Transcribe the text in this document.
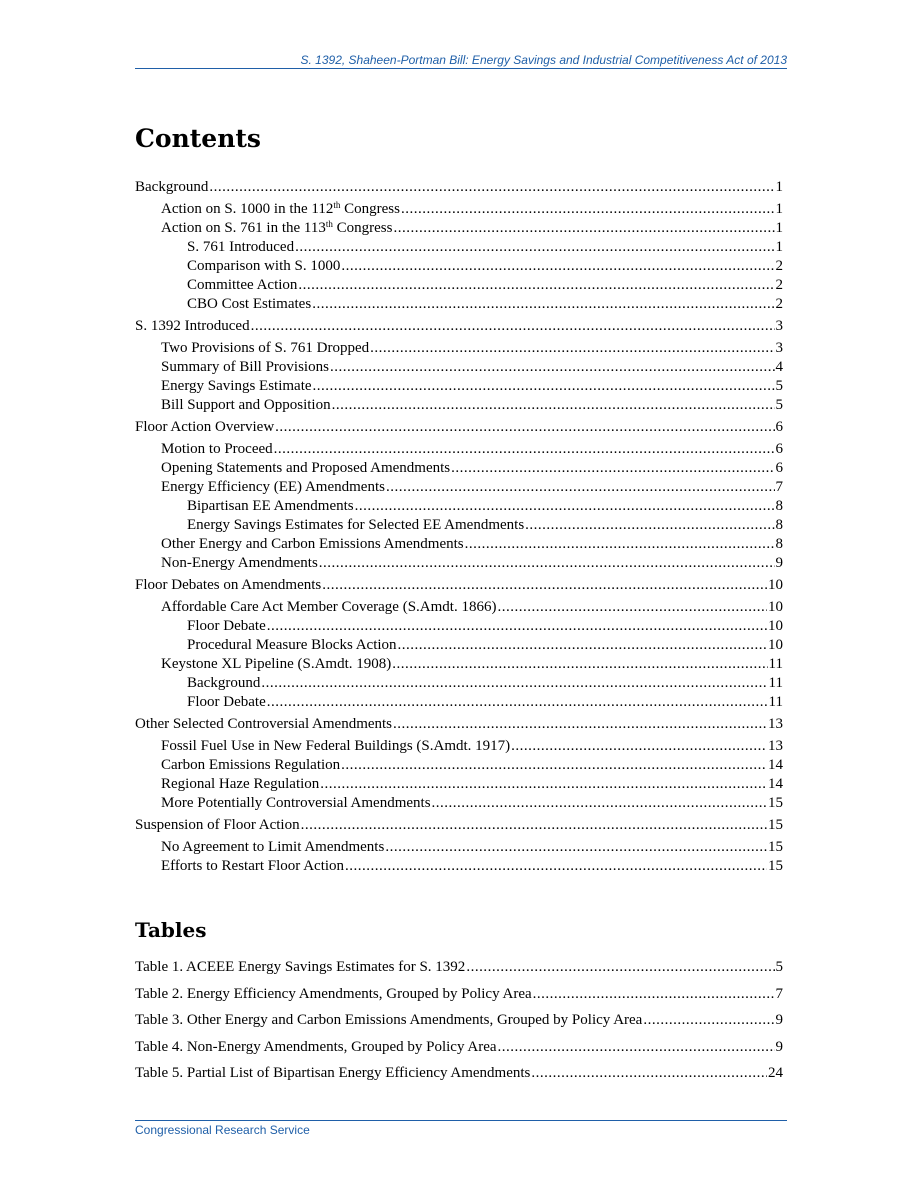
S. 1392, Shaheen-Portman Bill: Energy Savings and Industrial Competitiveness Act of 2013
Contents
Background .....	1
Action on S. 1000 in the 112th Congress .....	1
Action on S. 761 in the 113th Congress .....	1
S. 761 Introduced .....	1
Comparison with S. 1000 .....	2
Committee Action .....	2
CBO Cost Estimates .....	2
S. 1392 Introduced .....	3
Two Provisions of S. 761 Dropped .....	3
Summary of Bill Provisions .....	4
Energy Savings Estimate .....	5
Bill Support and Opposition .....	5
Floor Action Overview .....	6
Motion to Proceed .....	6
Opening Statements and Proposed Amendments .....	6
Energy Efficiency (EE) Amendments .....	7
Bipartisan EE Amendments .....	8
Energy Savings Estimates for Selected EE Amendments .....	8
Other Energy and Carbon Emissions Amendments .....	8
Non-Energy Amendments .....	9
Floor Debates on Amendments .....	10
Affordable Care Act Member Coverage (S.Amdt. 1866) .....	10
Floor Debate .....	10
Procedural Measure Blocks Action .....	10
Keystone XL Pipeline (S.Amdt. 1908) .....	11
Background .....	11
Floor Debate .....	11
Other Selected Controversial Amendments .....	13
Fossil Fuel Use in New Federal Buildings (S.Amdt. 1917) .....	13
Carbon Emissions Regulation .....	14
Regional Haze Regulation .....	14
More Potentially Controversial Amendments .....	15
Suspension of Floor Action .....	15
No Agreement to Limit Amendments .....	15
Efforts to Restart Floor Action .....	15
Tables
Table 1. ACEEE Energy Savings Estimates for S. 1392 .....	5
Table 2. Energy Efficiency Amendments, Grouped by Policy Area .....	7
Table 3. Other Energy and Carbon Emissions Amendments, Grouped by Policy Area .....	9
Table 4. Non-Energy Amendments, Grouped by Policy Area .....	9
Table 5. Partial List of Bipartisan Energy Efficiency Amendments .....	24
Congressional Research Service
